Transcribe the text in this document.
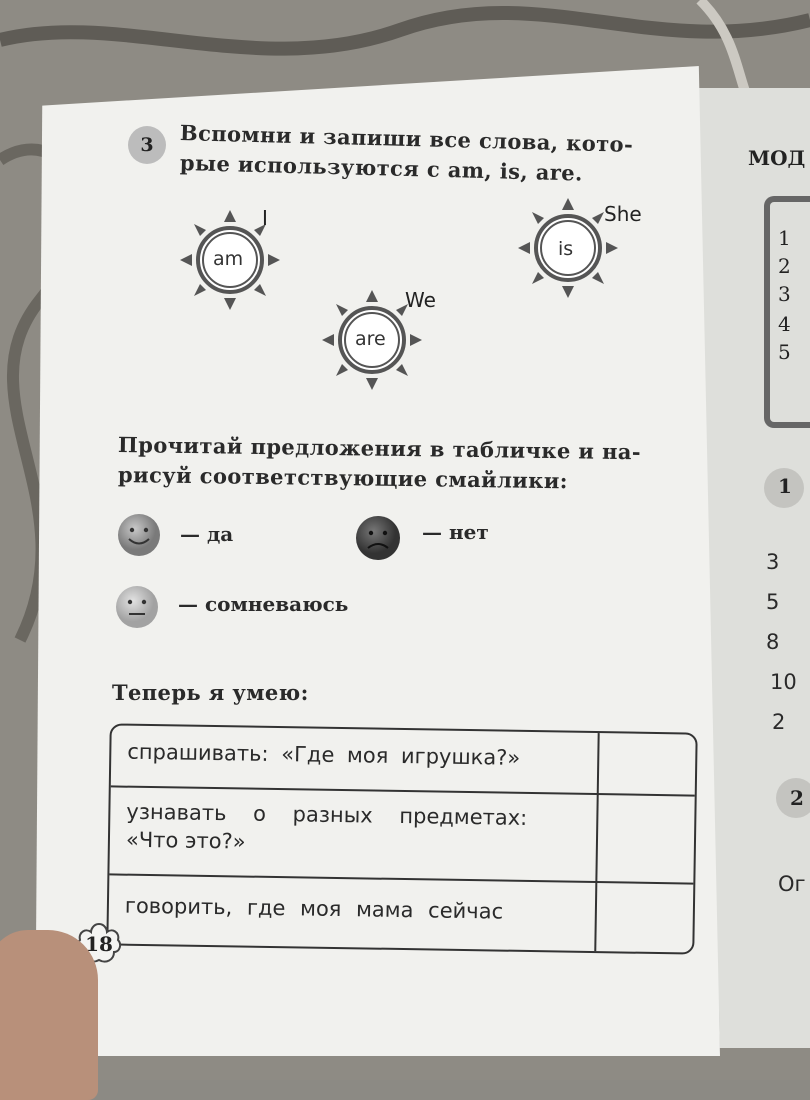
МОД
1
2
3
4
5
1
3
5
8
10
2
2
Ог
3	Вспомни и запиши все слова, кото-
рые используются с am, is, are.
am
I
is
She
are
We
Прочитай предложения в табличке и на-
рисуй соответствующие смайлики:
— да	— нет
— сомневаюсь
Теперь я умею:
спрашивать: «Где моя игрушка?»
узнавать о разных предметах:
«Что это?»
говорить, где моя мама сейчас
18
